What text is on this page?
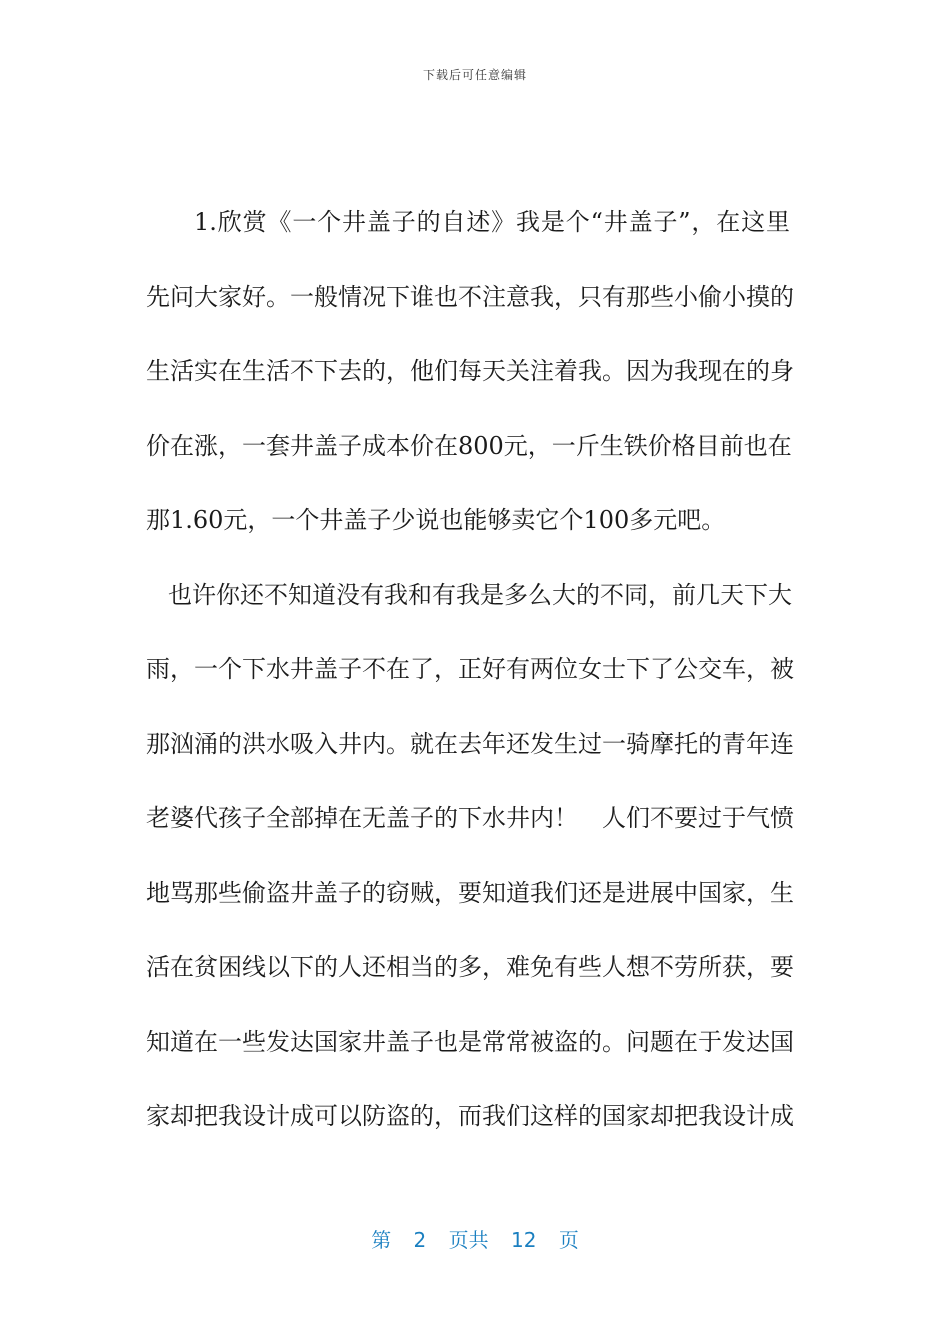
下载后可任意编辑
1.欣赏《一个井盖子的自述》我是个“井盖子”，在这里
先问大家好。一般情况下谁也不注意我，只有那些小偷小摸的
生活实在生活不下去的，他们每天关注着我。因为我现在的身
价在涨，一套井盖子成本价在800元，一斤生铁价格目前也在
那1.60元，一个井盖子少说也能够卖它个100多元吧。
也许你还不知道没有我和有我是多么大的不同，前几天下大
雨，一个下水井盖子不在了，正好有两位女士下了公交车，被
那汹涌的洪水吸入井内。就在去年还发生过一骑摩托的青年连
老婆代孩子全部掉在无盖子的下水井内！　人们不要过于气愤
地骂那些偷盗井盖子的窃贼，要知道我们还是进展中国家，生
活在贫困线以下的人还相当的多，难免有些人想不劳所获，要
知道在一些发达国家井盖子也是常常被盗的。问题在于发达国
家却把我设计成可以防盗的，而我们这样的国家却把我设计成
第 2 页共 12 页
